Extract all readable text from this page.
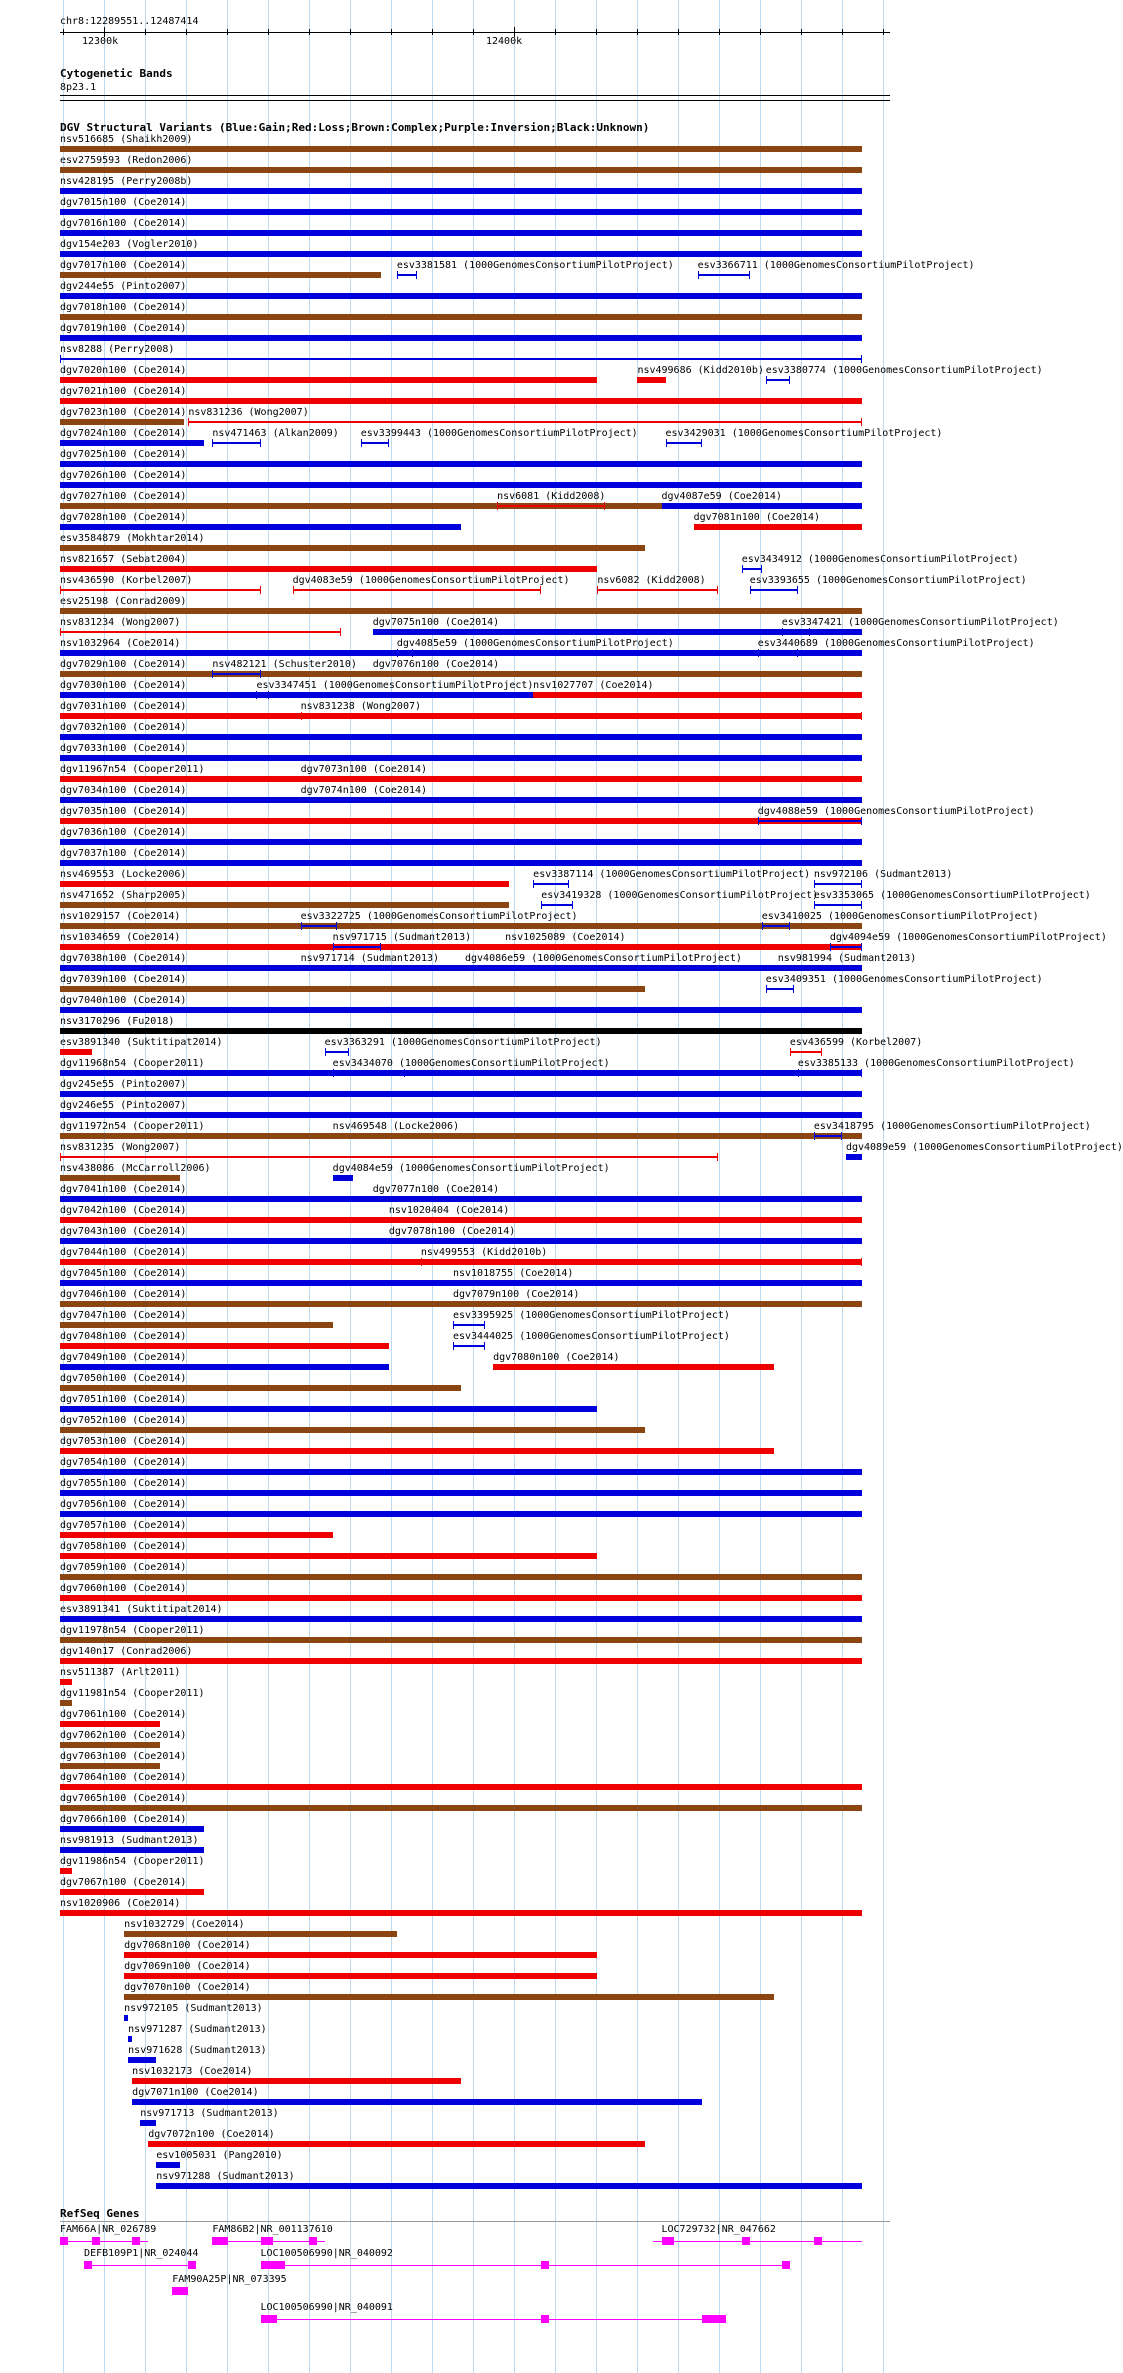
chr8:12289551..12487414
12300k	12400k
Cytogenetic Bands
8p23.1
DGV Structural Variants (Blue:Gain;Red:Loss;Brown:Complex;Purple:Inversion;Black:Unknown)
nsv516685 (Shaikh2009)
esv2759593 (Redon2006)
nsv428195 (Perry2008b)
dgv7015n100 (Coe2014)
dgv7016n100 (Coe2014)
dgv154e203 (Vogler2010)
dgv7017n100 (Coe2014)	esv3381581 (1000GenomesConsortiumPilotProject) esv3366711 (1000GenomesConsortiumPilotProject)
dgv244e55 (Pinto2007)
dgv7018n100 (Coe2014)
dgv7019n100 (Coe2014)
nsv8288 (Perry2008)
dgv7020n100 (Coe2014)	nsv499686 (Kidd2010b) esv3380774 (1000GenomesConsortiumPilotProject)
dgv7021n100 (Coe2014)
dgv7023n100 (Coe2014) nsv831236 (Wong2007)
dgv7024n100 (Coe2014)	nsv471463 (Alkan2009) esv3399443 (1000GenomesConsortiumPilotProject)	esv3429031 (1000GenomesConsortiumPilotProject)
dgv7025n100 (Coe2014)
dgv7026n100 (Coe2014)
dgv7027n100 (Coe2014)	nsv6081 (Kidd2008)	dgv4087e59 (Coe2014)
dgv7028n100 (Coe2014)	dgv7081n100 (Coe2014)
esv3584879 (Mokhtar2014)
nsv821657 (Sebat2004)	esv3434912 (1000GenomesConsortiumPilotProject)
nsv436590 (Korbel2007)	dgv4083e59 (1000GenomesConsortiumPilotProject)	nsv6082 (Kidd2008)	esv3393655 (1000GenomesConsortiumPilotProject)
esv25198 (Conrad2009)
nsv831234 (Wong2007)	dgv7075n100 (Coe2014)	esv3347421 (1000GenomesConsortiumPilotProject)
nsv1032964 (Coe2014)	dgv4085e59 (1000GenomesConsortiumPilotProject)	esv3440689 (1000GenomesConsortiumPilotProject)
dgv7029n100 (Coe2014)	nsv482121 (Schuster2010) dgv7076n100 (Coe2014)
dgv7030n100 (Coe2014)	esv3347451 (1000GenomesConsortiumPilotProject) nsv1027707 (Coe2014)
dgv7031n100 (Coe2014)	nsv831238 (Wong2007)
dgv7032n100 (Coe2014)
dgv7033n100 (Coe2014)
dgv11967n54 (Cooper2011)	dgv7073n100 (Coe2014)
dgv7034n100 (Coe2014)	dgv7074n100 (Coe2014)
dgv7035n100 (Coe2014)	dgv4088e59 (1000GenomesConsortiumPilotProject)
dgv7036n100 (Coe2014)
dgv7037n100 (Coe2014)
nsv469553 (Locke2006)	esv3387114 (1000GenomesConsortiumPilotProject) nsv972106 (Sudmant2013)
nsv471652 (Sharp2005)	esv3419328 (1000GenomesConsortiumPilotProject)
esv3353065 (1000GenomesConsortiumPilotProject)
nsv1029157 (Coe2014)	esv3322725 (1000GenomesConsortiumPilotProject)	esv3410025 (1000GenomesConsortiumPilotProject)
nsv1034659 (Coe2014)	nsv971715 (Sudmant2013)	nsv1025089 (Coe2014)	dgv4094e59 (1000GenomesConsortiumPilotProject)
dgv7038n100 (Coe2014)	nsv971714 (Sudmant2013)	dgv4086e59 (1000GenomesConsortiumPilotProject)	nsv981994 (Sudmant2013)
dgv7039n100 (Coe2014)	esv3409351 (1000GenomesConsortiumPilotProject)
dgv7040n100 (Coe2014)
nsv3170296 (Fu2018)
esv3891340 (Suktitipat2014)	esv3363291 (1000GenomesConsortiumPilotProject)	esv436599 (Korbel2007)
dgv11968n54 (Cooper2011)	esv3434070 (1000GenomesConsortiumPilotProject)	esv3385133 (1000GenomesConsortiumPilotProject)
dgv245e55 (Pinto2007)
dgv246e55 (Pinto2007)
dgv11972n54 (Cooper2011)	nsv469548 (Locke2006)	esv3418795 (1000GenomesConsortiumPilotProject)
nsv831235 (Wong2007)	dgv4089e59 (1000GenomesConsortiumPilotProject)
nsv438086 (McCarroll2006)	dgv4084e59 (1000GenomesConsortiumPilotProject)
dgv7041n100 (Coe2014)	dgv7077n100 (Coe2014)
dgv7042n100 (Coe2014)	nsv1020404 (Coe2014)
dgv7043n100 (Coe2014)	dgv7078n100 (Coe2014)
dgv7044n100 (Coe2014)	nsv499553 (Kidd2010b)
dgv7045n100 (Coe2014)	nsv1018755 (Coe2014)
dgv7046n100 (Coe2014)	dgv7079n100 (Coe2014)
dgv7047n100 (Coe2014)	esv3395925 (1000GenomesConsortiumPilotProject)
dgv7048n100 (Coe2014)	esv3444025 (1000GenomesConsortiumPilotProject)
dgv7049n100 (Coe2014)	dgv7080n100 (Coe2014)
dgv7050n100 (Coe2014)
dgv7051n100 (Coe2014)
dgv7052n100 (Coe2014)
dgv7053n100 (Coe2014)
dgv7054n100 (Coe2014)
dgv7055n100 (Coe2014)
dgv7056n100 (Coe2014)
dgv7057n100 (Coe2014)
dgv7058n100 (Coe2014)
dgv7059n100 (Coe2014)
dgv7060n100 (Coe2014)
esv3891341 (Suktitipat2014)
dgv11978n54 (Cooper2011)
dgv140n17 (Conrad2006)
nsv511387 (Arlt2011)
dgv11981n54 (Cooper2011)
dgv7061n100 (Coe2014)
dgv7062n100 (Coe2014)
dgv7063n100 (Coe2014)
dgv7064n100 (Coe2014)
dgv7065n100 (Coe2014)
dgv7066n100 (Coe2014)
nsv981913 (Sudmant2013)
dgv11986n54 (Cooper2011)
dgv7067n100 (Coe2014)
nsv1020906 (Coe2014)
nsv1032729 (Coe2014)
dgv7068n100 (Coe2014)
dgv7069n100 (Coe2014)
dgv7070n100 (Coe2014)
nsv972105 (Sudmant2013)
nsv971287 (Sudmant2013)
nsv971628 (Sudmant2013)
nsv1032173 (Coe2014)
dgv7071n100 (Coe2014)
nsv971713 (Sudmant2013)
dgv7072n100 (Coe2014)
esv1005031 (Pang2010)
nsv971288 (Sudmant2013)
RefSeq Genes
FAM66A|NR_026789	FAM86B2|NR_001137610	LOC729732|NR_047662
DEFB109P1|NR_024044	LOC100506990|NR_040092
FAM90A25P|NR_073395
LOC100506990|NR_040091
